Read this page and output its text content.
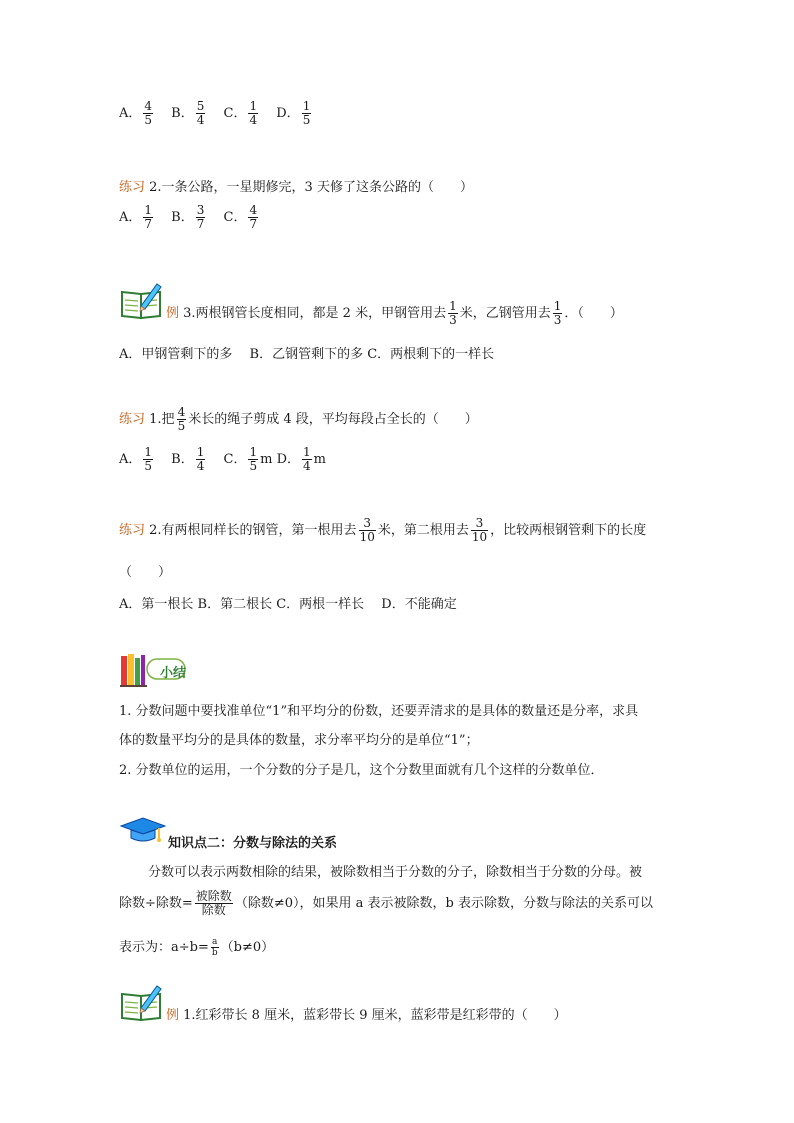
A． $\frac{4}{5}$ B． $\frac{5}{4}$ C． $\frac{1}{4}$ D． $\frac{1}{5}$
练习 2.一条公路，一星期修完，3 天修了这条公路的（　　）
A． $\frac{1}{7}$ B． $\frac{3}{7}$ C． $\frac{4}{7}$
例 3.两根钢管长度相同，都是 2 米，甲钢管用去 $\frac{1}{3}$ 米，乙钢管用去 $\frac{1}{3}$ ．（　　）
A．甲钢管剩下的多　 B．乙钢管剩下的多 C．两根剩下的一样长
练习 1.把 $\frac{4}{5}$ 米长的绳子剪成 4 段，平均每段占全长的（　　）
A． $\frac{1}{5}$ B． $\frac{1}{4}$ C． $\frac{1}{5}$ m D． $\frac{1}{4}$ m
练习 2.有两根同样长的钢管，第一根用去 $\frac{3}{10}$ 米，第二根用去 $\frac{3}{10}$ ，比较两根钢管剩下的长度
（　　）
A．第一根长 B．第二根长 C．两根一样长　 D．不能确定
小结
1. 分数问题中要找准单位“1”和平均分的份数，还要弄清求的是具体的数量还是分率，求具
体的数量平均分的是具体的数量，求分率平均分的是单位“1”；
2. 分数单位的运用，一个分数的分子是几，这个分数里面就有几个这样的分数单位．
知识点二：分数与除法的关系
分数可以表示两数相除的结果，被除数相当于分数的分子，除数相当于分数的分母。被
除数÷除数= $\frac{\text{被除数}}{\text{除数}}$ （除数≠0），如果用 a 表示被除数，b 表示除数，分数与除法的关系可以
表示为：$a\div b= \frac{a}{b} (b\ne 0)$
例 1.红彩带长 8 厘米，蓝彩带长 9 厘米，蓝彩带是红彩带的（　　）
